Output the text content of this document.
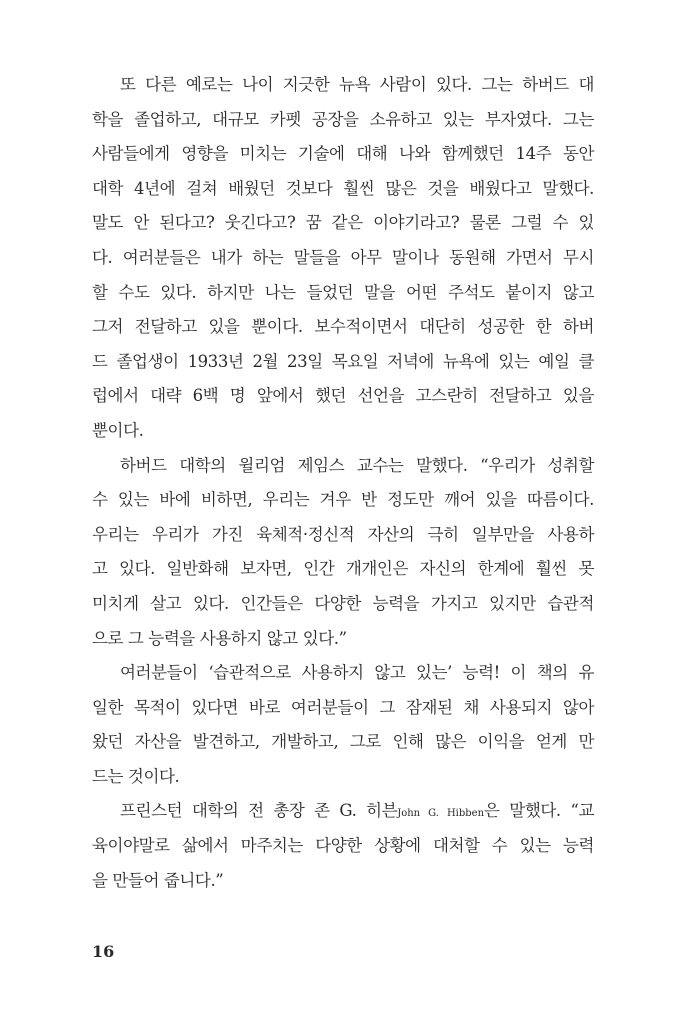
또 다른 예로는 나이 지긋한 뉴욕 사람이 있다. 그는 하버드 대
학을 졸업하고, 대규모 카펫 공장을 소유하고 있는 부자였다. 그는
사람들에게 영향을 미치는 기술에 대해 나와 함께했던 14주 동안
대학 4년에 걸쳐 배웠던 것보다 훨씬 많은 것을 배웠다고 말했다.
말도 안 된다고? 웃긴다고? 꿈 같은 이야기라고? 물론 그럴 수 있
다. 여러분들은 내가 하는 말들을 아무 말이나 동원해 가면서 무시
할 수도 있다. 하지만 나는 들었던 말을 어떤 주석도 붙이지 않고
그저 전달하고 있을 뿐이다. 보수적이면서 대단히 성공한 한 하버
드 졸업생이 1933년 2월 23일 목요일 저녁에 뉴욕에 있는 예일 클
럽에서 대략 6백 명 앞에서 했던 선언을 고스란히 전달하고 있을
뿐이다.
하버드 대학의 윌리엄 제임스 교수는 말했다. “우리가 성취할
수 있는 바에 비하면, 우리는 겨우 반 정도만 깨어 있을 따름이다.
우리는 우리가 가진 육체적·정신적 자산의 극히 일부만을 사용하
고 있다. 일반화해 보자면, 인간 개개인은 자신의 한계에 훨씬 못
미치게 살고 있다. 인간들은 다양한 능력을 가지고 있지만 습관적
으로 그 능력을 사용하지 않고 있다.”
여러분들이 ‘습관적으로 사용하지 않고 있는’ 능력! 이 책의 유
일한 목적이 있다면 바로 여러분들이 그 잠재된 채 사용되지 않아
왔던 자산을 발견하고, 개발하고, 그로 인해 많은 이익을 얻게 만
드는 것이다.
프린스턴 대학의 전 총장 존 G. 히븐John G. Hibben은 말했다. “교
육이야말로 삶에서 마주치는 다양한 상황에 대처할 수 있는 능력
을 만들어 줍니다.”
16
